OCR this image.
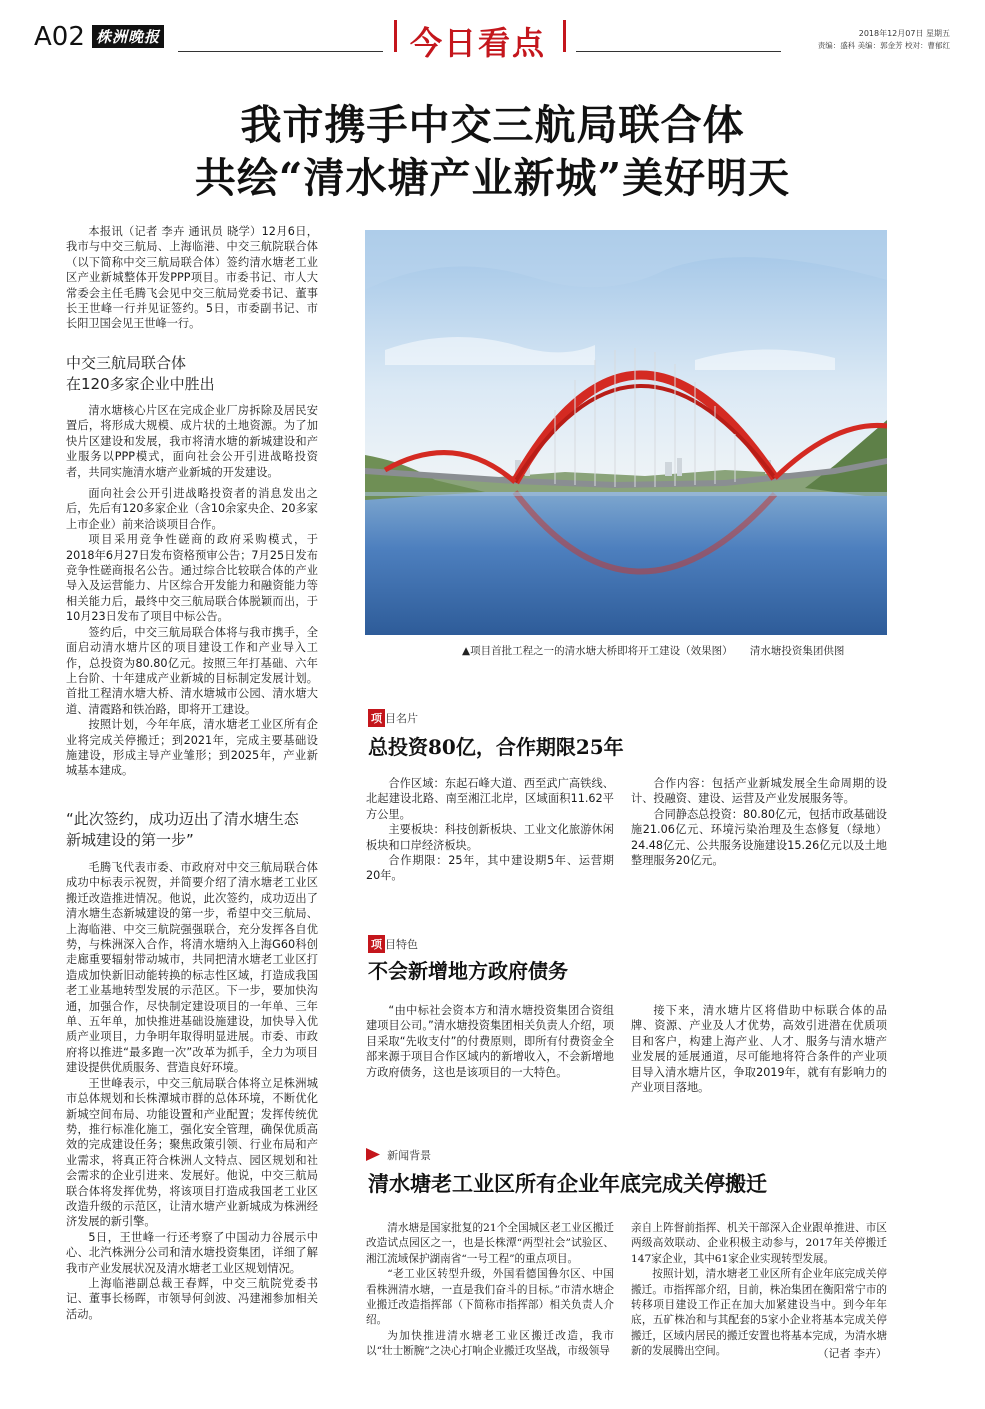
A02 株洲晚报	今日看点	2018年12月07日 星期五
责编：盛科 美编：郭金芳 校对：曹郁红
我市携手中交三航局联合体
共绘“清水塘产业新城”美好明天

本报讯（记者 李卉 通讯员 晓学）12月6日，我市与中交三航局、上海临港、中交三航院联合体（以下简称中交三航局联合体）签约清水塘老工业区产业新城整体开发PPP项目。市委书记、市人大常委会主任毛腾飞会见中交三航局党委书记、董事长王世峰一行并见证签约。5日，市委副书记、市长阳卫国会见王世峰一行。

中交三航局联合体
在120多家企业中胜出

清水塘核心片区在完成企业厂房拆除及居民安置后，将形成大规模、成片状的土地资源。为了加快片区建设和发展，我市将清水塘的新城建设和产业服务以PPP模式，面向社会公开引进战略投资者，共同实施清水塘产业新城的开发建设。

面向社会公开引进战略投资者的消息发出之后，先后有120多家企业（含10余家央企、20多家上市企业）前来洽谈项目合作。

项目采用竞争性磋商的政府采购模式，于2018年6月27日发布资格预审公告；7月25日发布竞争性磋商报名公告。通过综合比较联合体的产业导入及运营能力、片区综合开发能力和融资能力等相关能力后，最终中交三航局联合体脱颖而出，于10月23日发布了项目中标公告。

签约后，中交三航局联合体将与我市携手，全面启动清水塘片区的项目建设工作和产业导入工作，总投资为80.80亿元。按照三年打基础、六年上台阶、十年建成产业新城的目标制定发展计划。首批工程清水塘大桥、清水塘城市公园、清水塘大道、清霞路和铁冶路，即将开工建设。

按照计划，今年年底，清水塘老工业区所有企业将完成关停搬迁；到2021年，完成主要基础设施建设，形成主导产业雏形；到2025年，产业新城基本建成。

“此次签约，成功迈出了清水塘生态
新城建设的第一步”

毛腾飞代表市委、市政府对中交三航局联合体成功中标表示祝贺，并简要介绍了清水塘老工业区搬迁改造推进情况。他说，此次签约，成功迈出了清水塘生态新城建设的第一步，希望中交三航局、上海临港、中交三航院强强联合，充分发挥各自优势，与株洲深入合作，将清水塘纳入上海G60科创走廊重要辐射带动城市，共同把清水塘老工业区打造成加快新旧动能转换的标志性区域，打造成我国老工业基地转型发展的示范区。下一步，要加快沟通，加强合作，尽快制定建设项目的一年单、三年单、五年单，加快推进基础设施建设，加快导入优质产业项目，力争明年取得明显进展。市委、市政府将以推进“最多跑一次”改革为抓手，全力为项目建设提供优质服务、营造良好环境。

王世峰表示，中交三航局联合体将立足株洲城市总体规划和长株潭城市群的总体环境，不断优化新城空间布局、功能设置和产业配置；发挥传统优势，推行标准化施工，强化安全管理，确保优质高效的完成建设任务；聚焦政策引领、行业布局和产业需求，将真正符合株洲人文特点、园区规划和社会需求的企业引进来、发展好。他说，中交三航局联合体将发挥优势，将该项目打造成我国老工业区改造升级的示范区，让清水塘产业新城成为株洲经济发展的新引擎。

5日，王世峰一行还考察了中国动力谷展示中心、北汽株洲分公司和清水塘投资集团，详细了解我市产业发展状况及清水塘老工业区规划情况。

上海临港副总裁王春辉，中交三航院党委书记、董事长杨晖，市领导何剑波、冯建湘参加相关活动。

▲项目首批工程之一的清水塘大桥即将开工建设（效果图） 清水塘投资集团供图
项 目名片
总投资80亿，合作期限25年

合作区域：东起石峰大道、西至武广高铁线、北起建设北路、南至湘江北岸，区域面积11.62平方公里。

主要板块：科技创新板块、工业文化旅游休闲板块和口岸经济板块。

合作期限：25年，其中建设期5年、运营期20年。

合作内容：包括产业新城发展全生命周期的设计、投融资、建设、运营及产业发展服务等。

合同静态总投资：80.80亿元，包括市政基础设施21.06亿元、环境污染治理及生态修复（绿地）24.48亿元、公共服务设施建设15.26亿元以及土地整理服务20亿元。

项 目特色
不会新增地方政府债务

“由中标社会资本方和清水塘投资集团合资组建项目公司。”清水塘投资集团相关负责人介绍，项目采取“先收支付”的付费原则，即所有付费资金全部来源于项目合作区域内的新增收入，不会新增地方政府债务，这也是该项目的一大特色。

接下来，清水塘片区将借助中标联合体的品牌、资源、产业及人才优势，高效引进潜在优质项目和客户，构建上海产业、人才、服务与清水塘产业发展的延展通道，尽可能地将符合条件的产业项目导入清水塘片区，争取2019年，就有有影响力的产业项目落地。

新闻背景
清水塘老工业区所有企业年底完成关停搬迁

清水塘是国家批复的21个全国城区老工业区搬迁改造试点园区之一，也是长株潭“两型社会”试验区、湘江流域保护湖南省“一号工程”的重点项目。

“老工业区转型升级，外国看德国鲁尔区、中国看株洲清水塘，一直是我们奋斗的目标。”市清水塘企业搬迁改造指挥部（下简称市指挥部）相关负责人介绍。

为加快推进清水塘老工业区搬迁改造，我市以“壮士断腕”之决心打响企业搬迁攻坚战，市级领导

亲自上阵督前指挥、机关干部深入企业跟单推进、市区两级高效联动、企业积极主动参与，2017年关停搬迁147家企业，其中61家企业实现转型发展。

按照计划，清水塘老工业区所有企业年底完成关停搬迁。市指挥部介绍，目前，株冶集团在衡阳常宁市的转移项目建设工作正在加大加紧建设当中。到今年年底，五矿株冶和与其配套的5家小企业将基本完成关停搬迁，区域内居民的搬迁安置也将基本完成，为清水塘新的发展腾出空间。	（记者 李卉）
